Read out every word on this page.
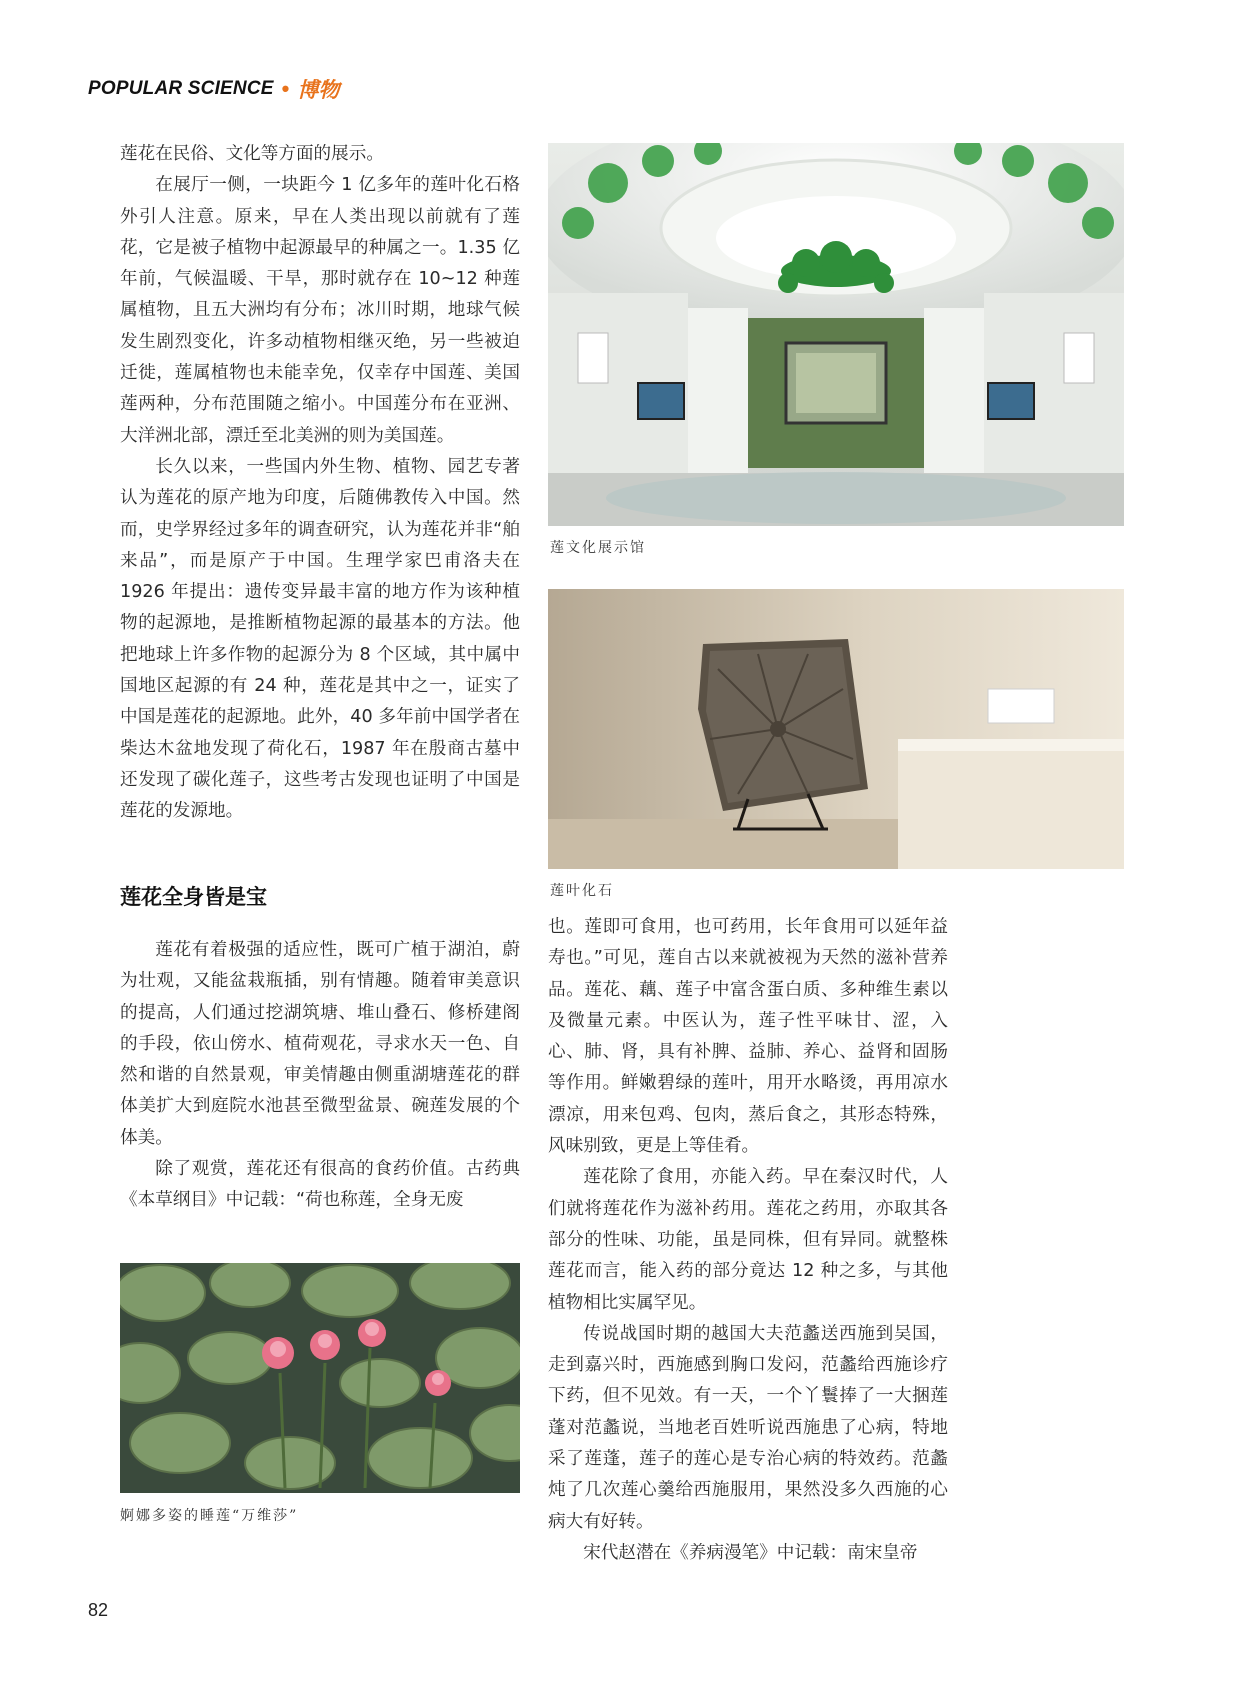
POPULAR SCIENCE • 博物

莲花在民俗、文化等方面的展示。

在展厅一侧，一块距今 1 亿多年的莲叶化石格外引人注意。原来，早在人类出现以前就有了莲花，它是被子植物中起源最早的种属之一。1.35 亿年前，气候温暖、干旱，那时就存在 10~12 种莲属植物，且五大洲均有分布；冰川时期，地球气候发生剧烈变化，许多动植物相继灭绝，另一些被迫迁徙，莲属植物也未能幸免，仅幸存中国莲、美国莲两种，分布范围随之缩小。中国莲分布在亚洲、大洋洲北部，漂迁至北美洲的则为美国莲。

长久以来，一些国内外生物、植物、园艺专著认为莲花的原产地为印度，后随佛教传入中国。然而，史学界经过多年的调查研究，认为莲花并非“舶来品”，而是原产于中国。生理学家巴甫洛夫在 1926 年提出：遗传变异最丰富的地方作为该种植物的起源地，是推断植物起源的最基本的方法。他把地球上许多作物的起源分为 8 个区域，其中属中国地区起源的有 24 种，莲花是其中之一，证实了中国是莲花的起源地。此外，40 多年前中国学者在柴达木盆地发现了荷化石，1987 年在殷商古墓中还发现了碳化莲子，这些考古发现也证明了中国是莲花的发源地。

莲花全身皆是宝

莲花有着极强的适应性，既可广植于湖泊，蔚为壮观，又能盆栽瓶插，别有情趣。随着审美意识的提高，人们通过挖湖筑塘、堆山叠石、修桥建阁的手段，依山傍水、植荷观花，寻求水天一色、自然和谐的自然景观，审美情趣由侧重湖塘莲花的群体美扩大到庭院水池甚至微型盆景、碗莲发展的个体美。

除了观赏，莲花还有很高的食药价值。古药典《本草纲目》中记载：“荷也称莲，全身无废

也。莲即可食用，也可药用，长年食用可以延年益寿也。”可见，莲自古以来就被视为天然的滋补营养品。莲花、藕、莲子中富含蛋白质、多种维生素以及微量元素。中医认为，莲子性平味甘、涩，入心、肺、肾，具有补脾、益肺、养心、益肾和固肠等作用。鲜嫩碧绿的莲叶，用开水略烫，再用凉水漂凉，用来包鸡、包肉，蒸后食之，其形态特殊，风味别致，更是上等佳肴。

莲花除了食用，亦能入药。早在秦汉时代，人们就将莲花作为滋补药用。莲花之药用，亦取其各部分的性味、功能，虽是同株，但有异同。就整株莲花而言，能入药的部分竟达 12 种之多，与其他植物相比实属罕见。

传说战国时期的越国大夫范蠡送西施到吴国，走到嘉兴时，西施感到胸口发闷，范蠡给西施诊疗下药，但不见效。有一天，一个丫鬟捧了一大捆莲蓬对范蠡说，当地老百姓听说西施患了心病，特地采了莲蓬，莲子的莲心是专治心病的特效药。范蠡炖了几次莲心羹给西施服用，果然没多久西施的心病大有好转。

宋代赵潜在《养病漫笔》中记载：南宋皇帝

莲文化展示馆
莲叶化石
婀娜多姿的睡莲“万维莎”
82
